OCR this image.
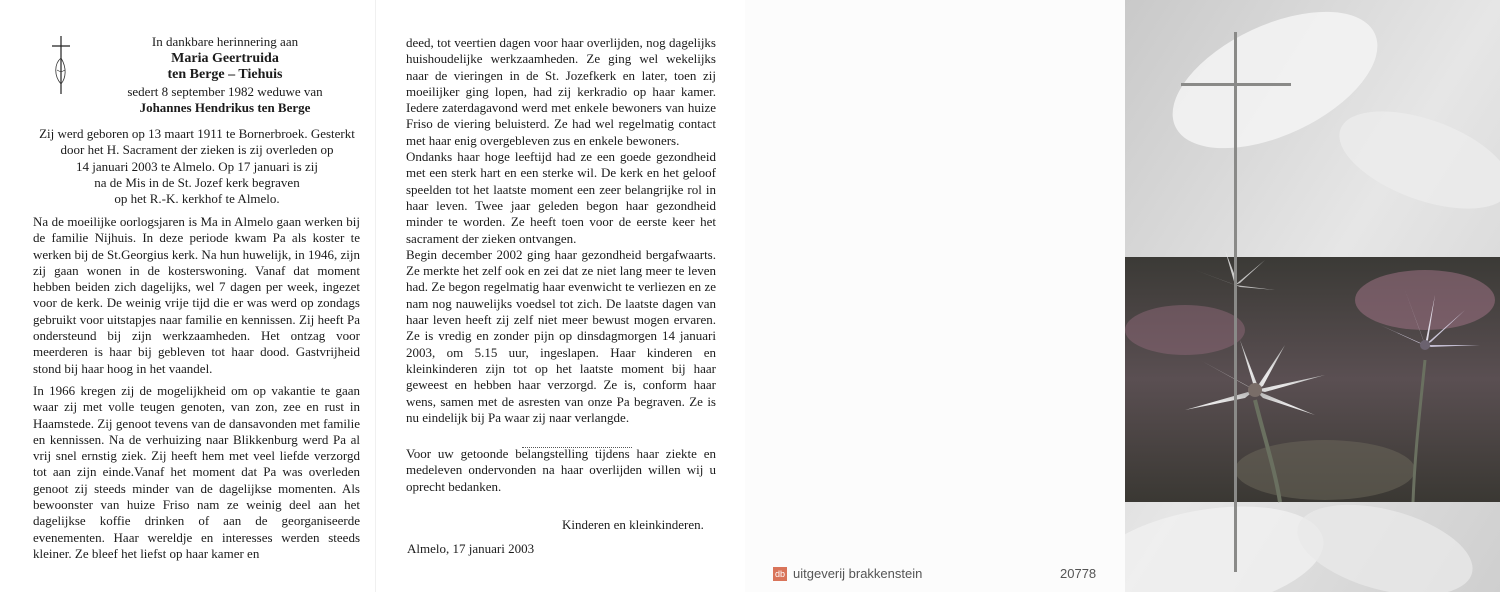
In dankbare herinnering aan
Maria Geertruida
ten Berge – Tiehuis
sedert 8 september 1982 weduwe van
Johannes Hendrikus ten Berge
Zij werd geboren op 13 maart 1911 te Bornerbroek. Gesterkt
door het H. Sacrament der zieken is zij overleden op
14 januari 2003 te Almelo. Op 17 januari is zij
na de Mis in de St. Jozef kerk begraven
op het R.-K. kerkhof te Almelo.

Na de moeilijke oorlogsjaren is Ma in Almelo gaan werken bij de familie Nijhuis. In deze periode kwam Pa als koster te werken bij de St.Georgius kerk. Na hun huwelijk, in 1946, zijn zij gaan wonen in de kosterswoning. Vanaf dat moment hebben beiden zich dagelijks, wel 7 dagen per week, ingezet voor de kerk. De weinig vrije tijd die er was werd op zondags gebruikt voor uitstapjes naar familie en kennissen. Zij heeft Pa ondersteund bij zijn werkzaamheden. Het ontzag voor meerderen is haar bij gebleven tot haar dood. Gastvrijheid stond bij haar hoog in het vaandel.

In 1966 kregen zij de mogelijkheid om op vakantie te gaan waar zij met volle teugen genoten, van zon, zee en rust in Haamstede. Zij genoot tevens van de dansavonden met familie en kennissen. Na de verhuizing naar Blikkenburg werd Pa al vrij snel ernstig ziek. Zij heeft hem met veel liefde verzorgd tot aan zijn einde.Vanaf het moment dat Pa was overleden genoot zij steeds minder van de dagelijkse momenten. Als bewoonster van huize Friso nam ze weinig deel aan het dagelijkse koffie drinken of aan de georganiseerde evenementen. Haar wereldje en interesses werden steeds kleiner. Ze bleef het liefst op haar kamer en

deed, tot veertien dagen voor haar overlijden, nog dagelijks huishoudelijke werkzaamheden. Ze ging wel wekelijks naar de vieringen in de St. Jozefkerk en later, toen zij moeilijker ging lopen, had zij kerkradio op haar kamer. Iedere zaterdagavond werd met enkele bewoners van huize Friso de viering beluisterd. Ze had wel regelmatig contact met haar enig overgebleven zus en enkele bewoners.

Ondanks haar hoge leeftijd had ze een goede gezondheid met een sterk hart en een sterke wil. De kerk en het geloof speelden tot het laatste moment een zeer belangrijke rol in haar leven. Twee jaar geleden begon haar gezondheid minder te worden. Ze heeft toen voor de eerste keer het sacrament der zieken ontvangen.

Begin december 2002 ging haar gezondheid bergafwaarts. Ze merkte het zelf ook en zei dat ze niet lang meer te leven had. Ze begon regelmatig haar evenwicht te verliezen en ze nam nog nauwelijks voedsel tot zich. De laatste dagen van haar leven heeft zij zelf niet meer bewust mogen ervaren. Ze is vredig en zonder pijn op dinsdagmorgen 14 januari 2003, om 5.15 uur, ingeslapen. Haar kinderen en kleinkinderen zijn tot op het laatste moment bij haar geweest en hebben haar verzorgd. Ze is, conform haar wens, samen met de asresten van onze Pa begraven. Ze is nu eindelijk bij Pa waar zij naar verlangde.

Voor uw getoonde belangstelling tijdens haar ziekte en medeleven ondervonden na haar overlijden willen wij u oprecht bedanken.

Kinderen en kleinkinderen.
Almelo, 17 januari 2003
db uitgeverij brakkenstein	20778
